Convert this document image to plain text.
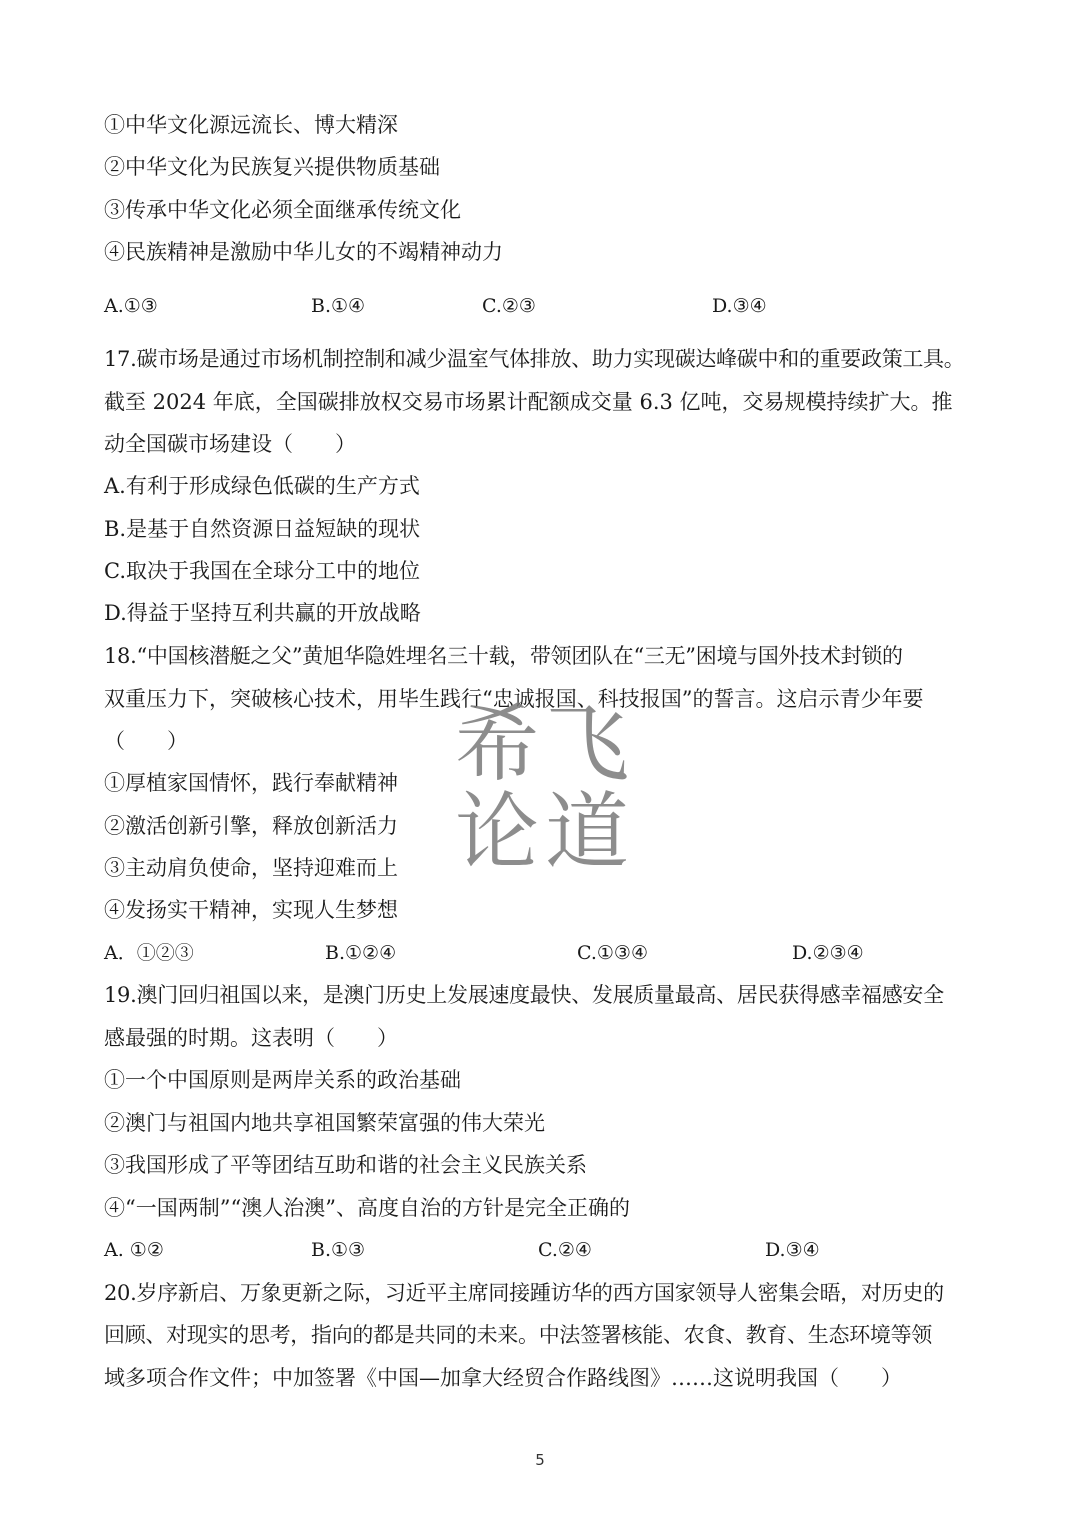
①中华文化源远流长、博大精深

②中华文化为民族复兴提供物质基础

③传承中华文化必须全面继承传统文化

④民族精神是激励中华儿女的不竭精神动力

A.①③	B.①④	C.②③	D.③④

17.碳市场是通过市场机制控制和减少温室气体排放、助力实现碳达峰碳中和的重要政策工具。

截至 2024 年底，全国碳排放权交易市场累计配额成交量 6.3 亿吨，交易规模持续扩大。推

动全国碳市场建设（　　）

A.有利于形成绿色低碳的生产方式

B.是基于自然资源日益短缺的现状

C.取决于我国在全球分工中的地位

D.得益于坚持互利共赢的开放战略

18.“中国核潜艇之父”黄旭华隐姓埋名三十载，带领团队在“三无”困境与国外技术封锁的

双重压力下，突破核心技术，用毕生践行“忠诚报国、科技报国”的誓言。这启示青少年要

（　　）

①厚植家国情怀，践行奉献精神

②激活创新引擎，释放创新活力

③主动肩负使命，坚持迎难而上

④发扬实干精神，实现人生梦想

A．①②③	B.①②④	C.①③④	D.②③④

19.澳门回归祖国以来，是澳门历史上发展速度最快、发展质量最高、居民获得感幸福感安全

感最强的时期。这表明（　　）

①一个中国原则是两岸关系的政治基础

②澳门与祖国内地共享祖国繁荣富强的伟大荣光

③我国形成了平等团结互助和谐的社会主义民族关系

④“一国两制”“澳人治澳”、高度自治的方针是完全正确的

A. ①②	B.①③	C.②④	D.③④

20.岁序新启、万象更新之际，习近平主席同接踵访华的西方国家领导人密集会晤，对历史的

回顾、对现实的思考，指向的都是共同的未来。中法签署核能、农食、教育、生态环境等领

域多项合作文件；中加签署《中国—加拿大经贸合作路线图》……这说明我国（　　）

希飞
论道
5
